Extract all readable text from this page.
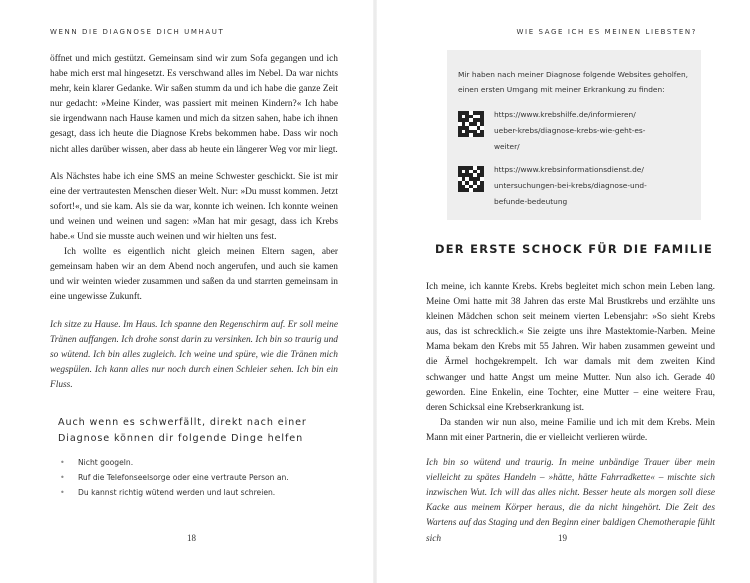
WENN DIE DIAGNOSE DICH UMHAUT

öffnet und mich gestützt. Gemeinsam sind wir zum Sofa gegangen und ich habe mich erst mal hingesetzt. Es verschwand alles im Nebel. Da war nichts mehr, kein klarer Gedanke. Wir saßen stumm da und ich habe die ganze Zeit nur gedacht: »Meine Kinder, was passiert mit meinen Kindern?« Ich habe sie irgendwann nach Hause kamen und mich da sitzen sahen, habe ich ihnen gesagt, dass ich heute die Diagnose Krebs bekommen habe. Dass wir noch nicht alles darüber wissen, aber dass ab heute ein längerer Weg vor mir liegt.

Als Nächstes habe ich eine SMS an meine Schwester geschickt. Sie ist mir eine der vertrautesten Menschen dieser Welt. Nur: »Du musst kommen. Jetzt sofort!«, und sie kam. Als sie da war, konnte ich weinen. Ich konnte weinen und weinen und weinen und sagen: »Man hat mir gesagt, dass ich Krebs habe.« Und sie musste auch weinen und wir hielten uns fest.

Ich wollte es eigentlich nicht gleich meinen Eltern sagen, aber gemeinsam haben wir an dem Abend noch angerufen, und auch sie kamen und wir weinten wieder zusammen und saßen da und starrten gemeinsam in eine ungewisse Zukunft.

Ich sitze zu Hause. Im Haus. Ich spanne den Regenschirm auf. Er soll meine Tränen auffangen. Ich drohe sonst darin zu versinken. Ich bin so traurig und so wütend. Ich bin alles zugleich. Ich weine und spüre, wie die Tränen mich wegspülen. Ich kann alles nur noch durch einen Schleier sehen. Ich bin ein Fluss.

Auch wenn es schwerfällt, direkt nach einer Diagnose können dir folgende Dinge helfen
• Nicht googeln.
• Ruf die Telefonseelsorge oder eine vertraute Person an.
• Du kannst richtig wütend werden und laut schreien.
18
WIE SAGE ICH ES MEINEN LIEBSTEN?

Mir haben nach meiner Diagnose folgende Websites geholfen, einen ersten Umgang mit meiner Erkrankung zu finden:

https://www.krebshilfe.de/informieren/
ueber-krebs/diagnose-krebs-wie-geht-es-
weiter/
https://www.krebsinformationsdienst.de/
untersuchungen-bei-krebs/diagnose-und-
befunde-bedeutung
DER ERSTE SCHOCK FÜR DIE FAMILIE

Ich meine, ich kannte Krebs. Krebs begleitet mich schon mein Leben lang. Meine Omi hatte mit 38 Jahren das erste Mal Brustkrebs und erzählte uns kleinen Mädchen schon seit meinem vierten Lebensjahr: »So sieht Krebs aus, das ist schrecklich.« Sie zeigte uns ihre Mastektomie-Narben. Meine Mama bekam den Krebs mit 55 Jahren. Wir haben zusammen geweint und die Ärmel hochgekrempelt. Ich war damals mit dem zweiten Kind schwanger und hatte Angst um meine Mutter. Nun also ich. Gerade 40 geworden. Eine Enkelin, eine Tochter, eine Mutter – eine weitere Frau, deren Schicksal eine Krebserkrankung ist.

Da standen wir nun also, meine Familie und ich mit dem Krebs. Mein Mann mit einer Partnerin, die er vielleicht verlieren würde.

Ich bin so wütend und traurig. In meine unbändige Trauer über mein vielleicht zu spätes Handeln – »hätte, hätte Fahrradkette« – mischte sich inzwischen Wut. Ich will das alles nicht. Besser heute als morgen soll diese Kacke aus meinem Körper heraus, die da nicht hingehört. Die Zeit des Wartens auf das Staging und den Beginn einer baldigen Chemotherapie fühlt sich	19
